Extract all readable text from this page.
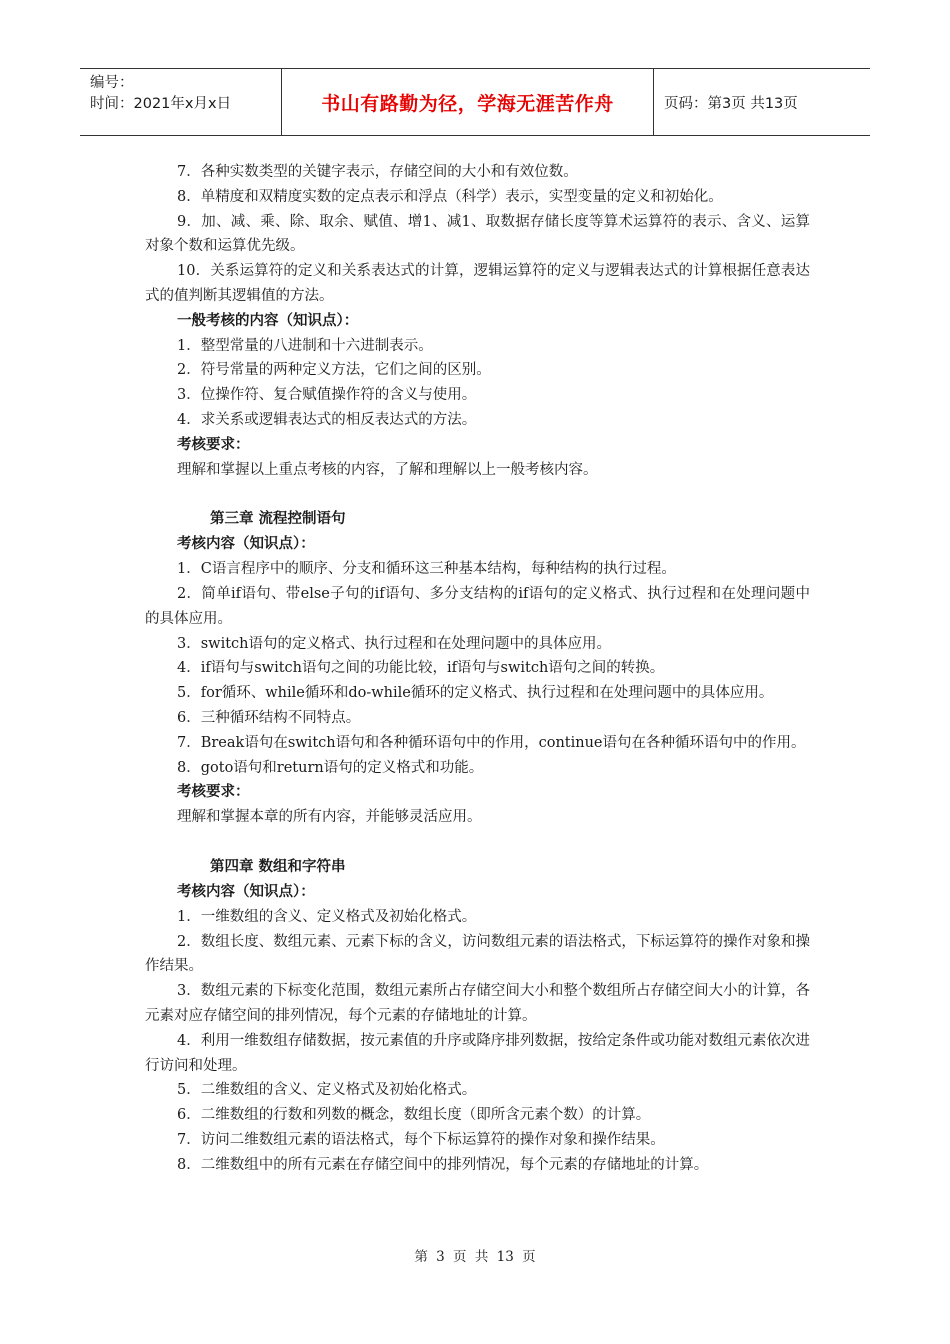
编号：
时间：2021年x月x日	书山有路勤为径，学海无涯苦作舟	页码：第3页 共13页

7．各种实数类型的关键字表示，存储空间的大小和有效位数。

8．单精度和双精度实数的定点表示和浮点（科学）表示，实型变量的定义和初始化。

9．加、减、乘、除、取余、赋值、增1、减1、取数据存储长度等算术运算符的表示、含义、运算对象个数和运算优先级。

10．关系运算符的定义和关系表达式的计算，逻辑运算符的定义与逻辑表达式的计算根据任意表达式的值判断其逻辑值的方法。

一般考核的内容（知识点）：

1．整型常量的八进制和十六进制表示。

2．符号常量的两种定义方法，它们之间的区别。

3．位操作符、复合赋值操作符的含义与使用。

4．求关系或逻辑表达式的相反表达式的方法。

考核要求：

理解和掌握以上重点考核的内容，了解和理解以上一般考核内容。

第三章 流程控制语句
考核内容（知识点）：

1．C语言程序中的顺序、分支和循环这三种基本结构，每种结构的执行过程。

2．简单if语句、带else子句的if语句、多分支结构的if语句的定义格式、执行过程和在处理问题中的具体应用。

3．switch语句的定义格式、执行过程和在处理问题中的具体应用。

4．if语句与switch语句之间的功能比较，if语句与switch语句之间的转换。

5．for循环、while循环和do-while循环的定义格式、执行过程和在处理问题中的具体应用。

6．三种循环结构不同特点。

7．Break语句在switch语句和各种循环语句中的作用，continue语句在各种循环语句中的作用。

8．goto语句和return语句的定义格式和功能。

考核要求：

理解和掌握本章的所有内容，并能够灵活应用。

第四章 数组和字符串
考核内容（知识点）：

1．一维数组的含义、定义格式及初始化格式。

2．数组长度、数组元素、元素下标的含义，访问数组元素的语法格式，下标运算符的操作对象和操作结果。

3．数组元素的下标变化范围，数组元素所占存储空间大小和整个数组所占存储空间大小的计算，各元素对应存储空间的排列情况，每个元素的存储地址的计算。

4．利用一维数组存储数据，按元素值的升序或降序排列数据，按给定条件或功能对数组元素依次进行访问和处理。

5．二维数组的含义、定义格式及初始化格式。

6．二维数组的行数和列数的概念，数组长度（即所含元素个数）的计算。

7．访问二维数组元素的语法格式，每个下标运算符的操作对象和操作结果。

8．二维数组中的所有元素在存储空间中的排列情况，每个元素的存储地址的计算。

第 3 页 共 13 页
